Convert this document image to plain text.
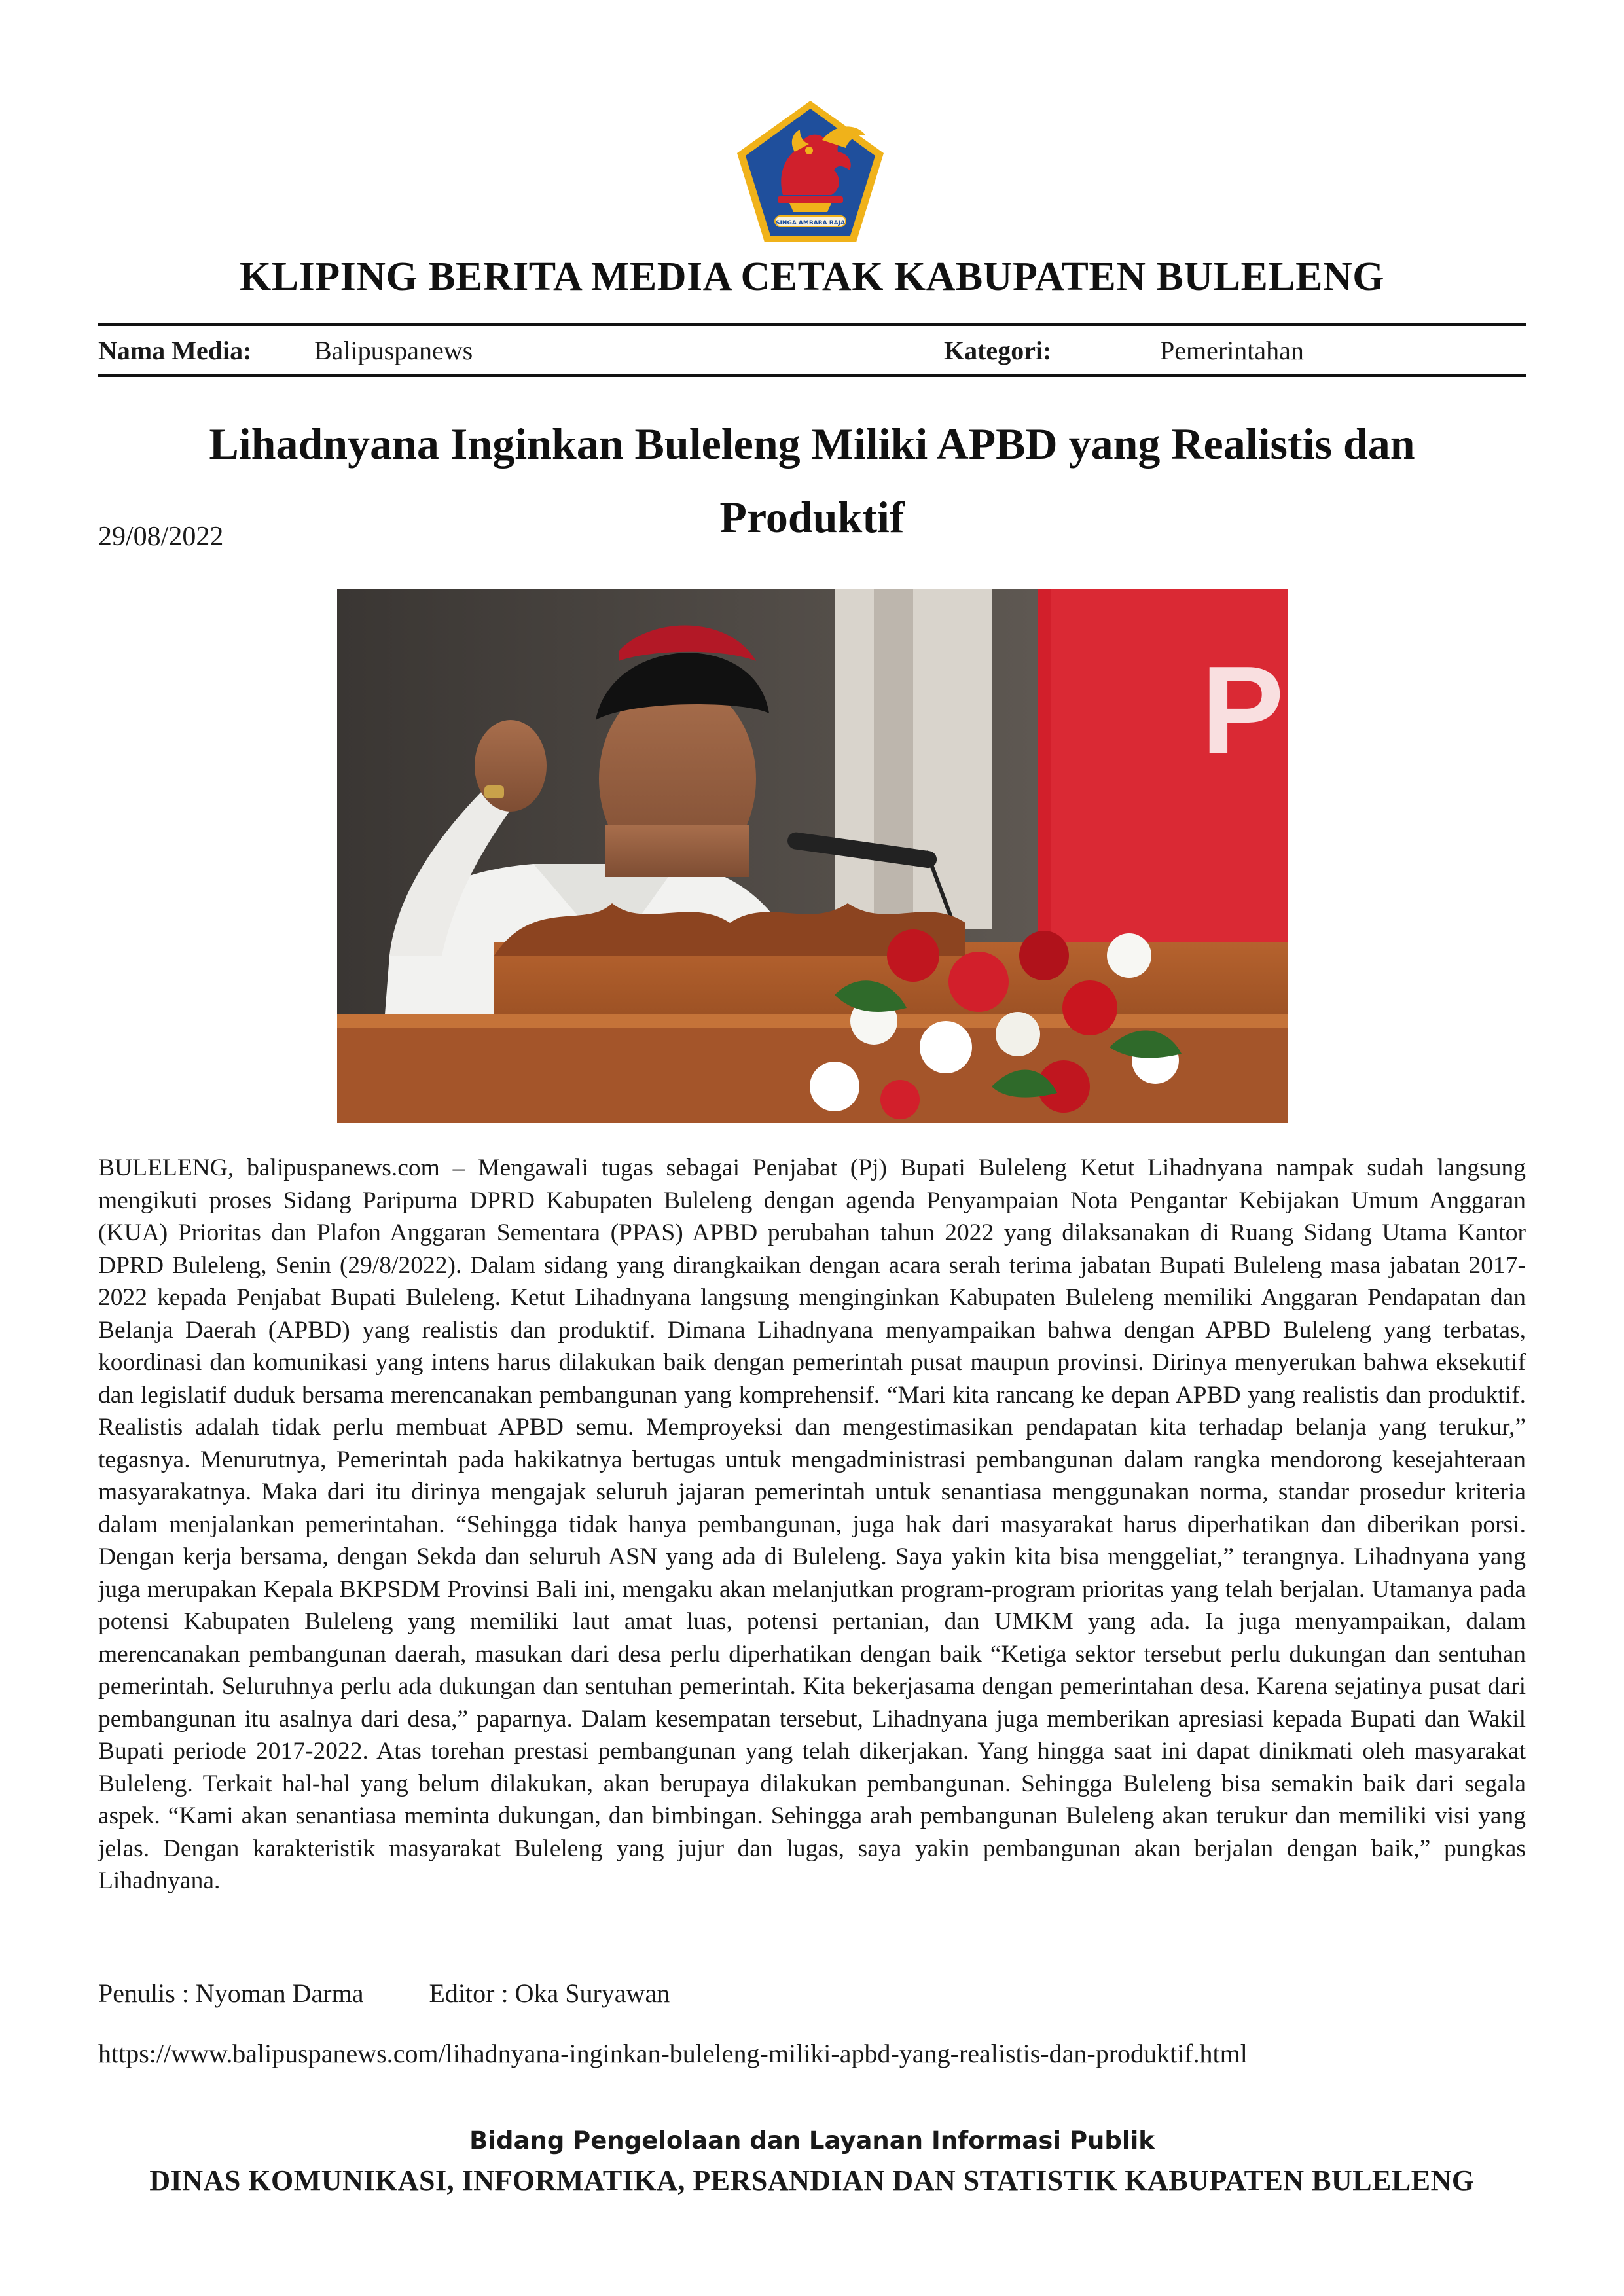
SINGA AMBARA RAJA
KLIPING BERITA MEDIA CETAK KABUPATEN BULELENG
Nama Media: Balipuspanews	Kategori:	Pemerintahan
Lihadnyana Inginkan Buleleng Miliki APBD yang Realistis dan
Produktif
29/08/2022
PE
BULELENG, balipuspanews.com – Mengawali tugas sebagai Penjabat (Pj) Bupati Buleleng Ketut Lihadnyana nampak sudah langsung mengikuti proses Sidang Paripurna DPRD Kabupaten Buleleng dengan agenda Penyampaian Nota Pengantar Kebijakan Umum Anggaran (KUA) Prioritas dan Plafon Anggaran Sementara (PPAS) APBD perubahan tahun 2022 yang dilaksanakan di Ruang Sidang Utama Kantor DPRD Buleleng, Senin (29/8/2022). Dalam sidang yang dirangkaikan dengan acara serah terima jabatan Bupati Buleleng masa jabatan 2017-2022 kepada Penjabat Bupati Buleleng. Ketut Lihadnyana langsung menginginkan Kabupaten Buleleng memiliki Anggaran Pendapatan dan Belanja Daerah (APBD) yang realistis dan produktif. Dimana Lihadnyana menyampaikan bahwa dengan APBD Buleleng yang terbatas, koordinasi dan komunikasi yang intens harus dilakukan baik dengan pemerintah pusat maupun provinsi. Dirinya menyerukan bahwa eksekutif dan legislatif duduk bersama merencanakan pembangunan yang komprehensif. “Mari kita rancang ke depan APBD yang realistis dan produktif. Realistis adalah tidak perlu membuat APBD semu. Memproyeksi dan mengestimasikan pendapatan kita terhadap belanja yang terukur,” tegasnya. Menurutnya, Pemerintah pada hakikatnya bertugas untuk mengadministrasi pembangunan dalam rangka mendorong kesejahteraan masyarakatnya. Maka dari itu dirinya mengajak seluruh jajaran pemerintah untuk senantiasa menggunakan norma, standar prosedur kriteria dalam menjalankan pemerintahan. “Sehingga tidak hanya pembangunan, juga hak dari masyarakat harus diperhatikan dan diberikan porsi. Dengan kerja bersama, dengan Sekda dan seluruh ASN yang ada di Buleleng. Saya yakin kita bisa menggeliat,” terangnya. Lihadnyana yang juga merupakan Kepala BKPSDM Provinsi Bali ini, mengaku akan melanjutkan program-program prioritas yang telah berjalan. Utamanya pada potensi Kabupaten Buleleng yang memiliki laut amat luas, potensi pertanian, dan UMKM yang ada. Ia juga menyampaikan, dalam merencanakan pembangunan daerah, masukan dari desa perlu diperhatikan dengan baik “Ketiga sektor tersebut perlu dukungan dan sentuhan pemerintah. Seluruhnya perlu ada dukungan dan sentuhan pemerintah. Kita bekerjasama dengan pemerintahan desa. Karena sejatinya pusat dari pembangunan itu asalnya dari desa,” paparnya. Dalam kesempatan tersebut, Lihadnyana juga memberikan apresiasi kepada Bupati dan Wakil Bupati periode 2017-2022. Atas torehan prestasi pembangunan yang telah dikerjakan. Yang hingga saat ini dapat dinikmati oleh masyarakat Buleleng. Terkait hal-hal yang belum dilakukan, akan berupaya dilakukan pembangunan. Sehingga Buleleng bisa semakin baik dari segala aspek. “Kami akan senantiasa meminta dukungan, dan bimbingan. Sehingga arah pembangunan Buleleng akan terukur dan memiliki visi yang jelas. Dengan karakteristik masyarakat Buleleng yang jujur dan lugas, saya yakin pembangunan akan berjalan dengan baik,” pungkas Lihadnyana.
Penulis : Nyoman Darma	Editor : Oka Suryawan
https://www.balipuspanews.com/lihadnyana-inginkan-buleleng-miliki-apbd-yang-realistis-dan-produktif.html
Bidang Pengelolaan dan Layanan Informasi Publik
DINAS KOMUNIKASI, INFORMATIKA, PERSANDIAN DAN STATISTIK KABUPATEN BULELENG
